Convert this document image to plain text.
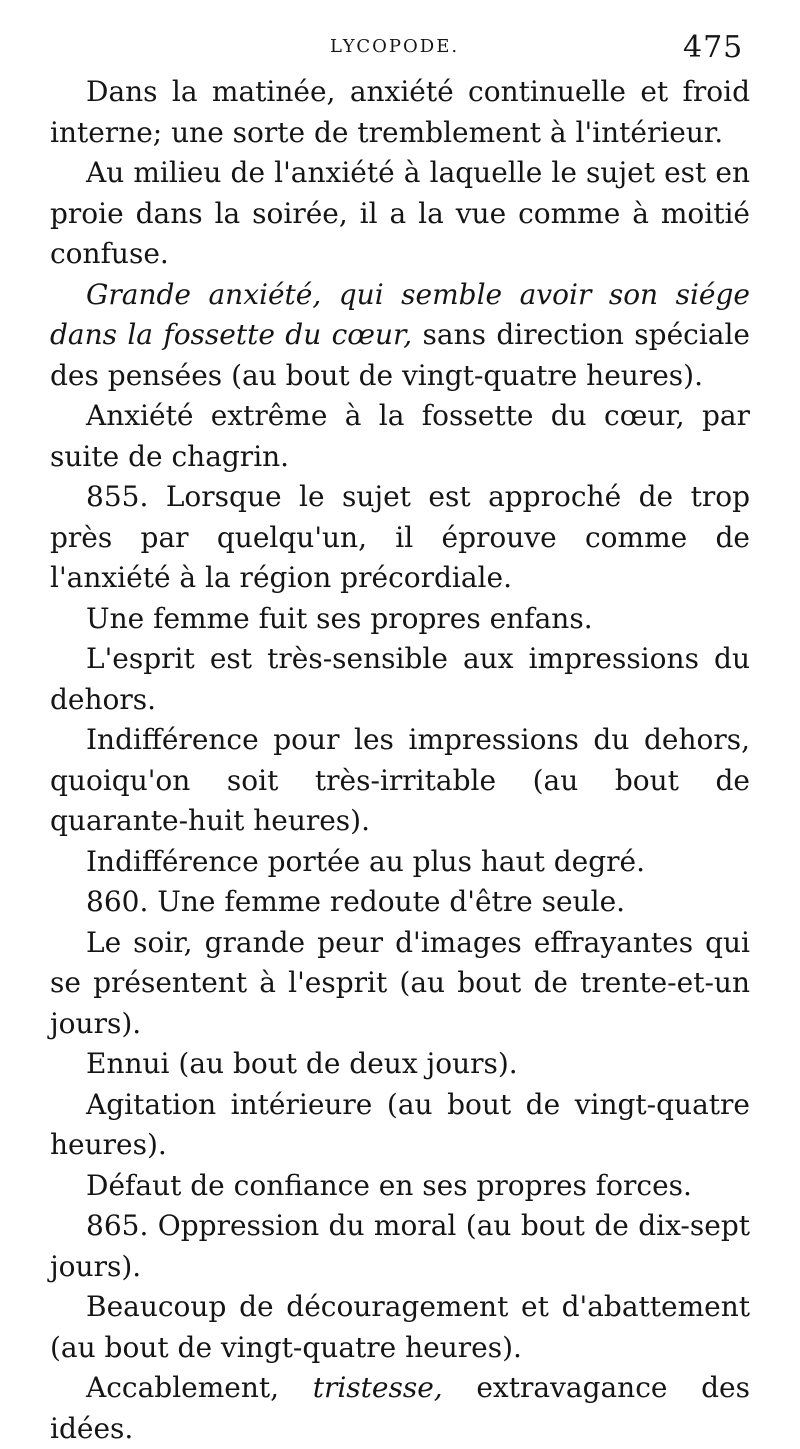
LYCOPODE.	475

Dans la matinée, anxiété continuelle et froid interne; une sorte de tremblement à l'intérieur.

Au milieu de l'anxiété à laquelle le sujet est en proie dans la soirée, il a la vue comme à moitié confuse.

Grande anxiété, qui semble avoir son siége dans la fossette du cœur, sans direction spéciale des pensées (au bout de vingt-quatre heures).

Anxiété extrême à la fossette du cœur, par suite de chagrin.

855. Lorsque le sujet est approché de trop près par quelqu'un, il éprouve comme de l'anxiété à la région précordiale.

Une femme fuit ses propres enfans.

L'esprit est très-sensible aux impressions du dehors.

Indifférence pour les impressions du dehors, quoiqu'on soit très-irritable (au bout de quarante-huit heures).

Indifférence portée au plus haut degré.

860. Une femme redoute d'être seule.

Le soir, grande peur d'images effrayantes qui se présentent à l'esprit (au bout de trente-et-un jours).

Ennui (au bout de deux jours).

Agitation intérieure (au bout de vingt-quatre heures).

Défaut de confiance en ses propres forces.

865. Oppression du moral (au bout de dix-sept jours).

Beaucoup de découragement et d'abattement (au bout de vingt-quatre heures).

Accablement, tristesse, extravagance des idées.
